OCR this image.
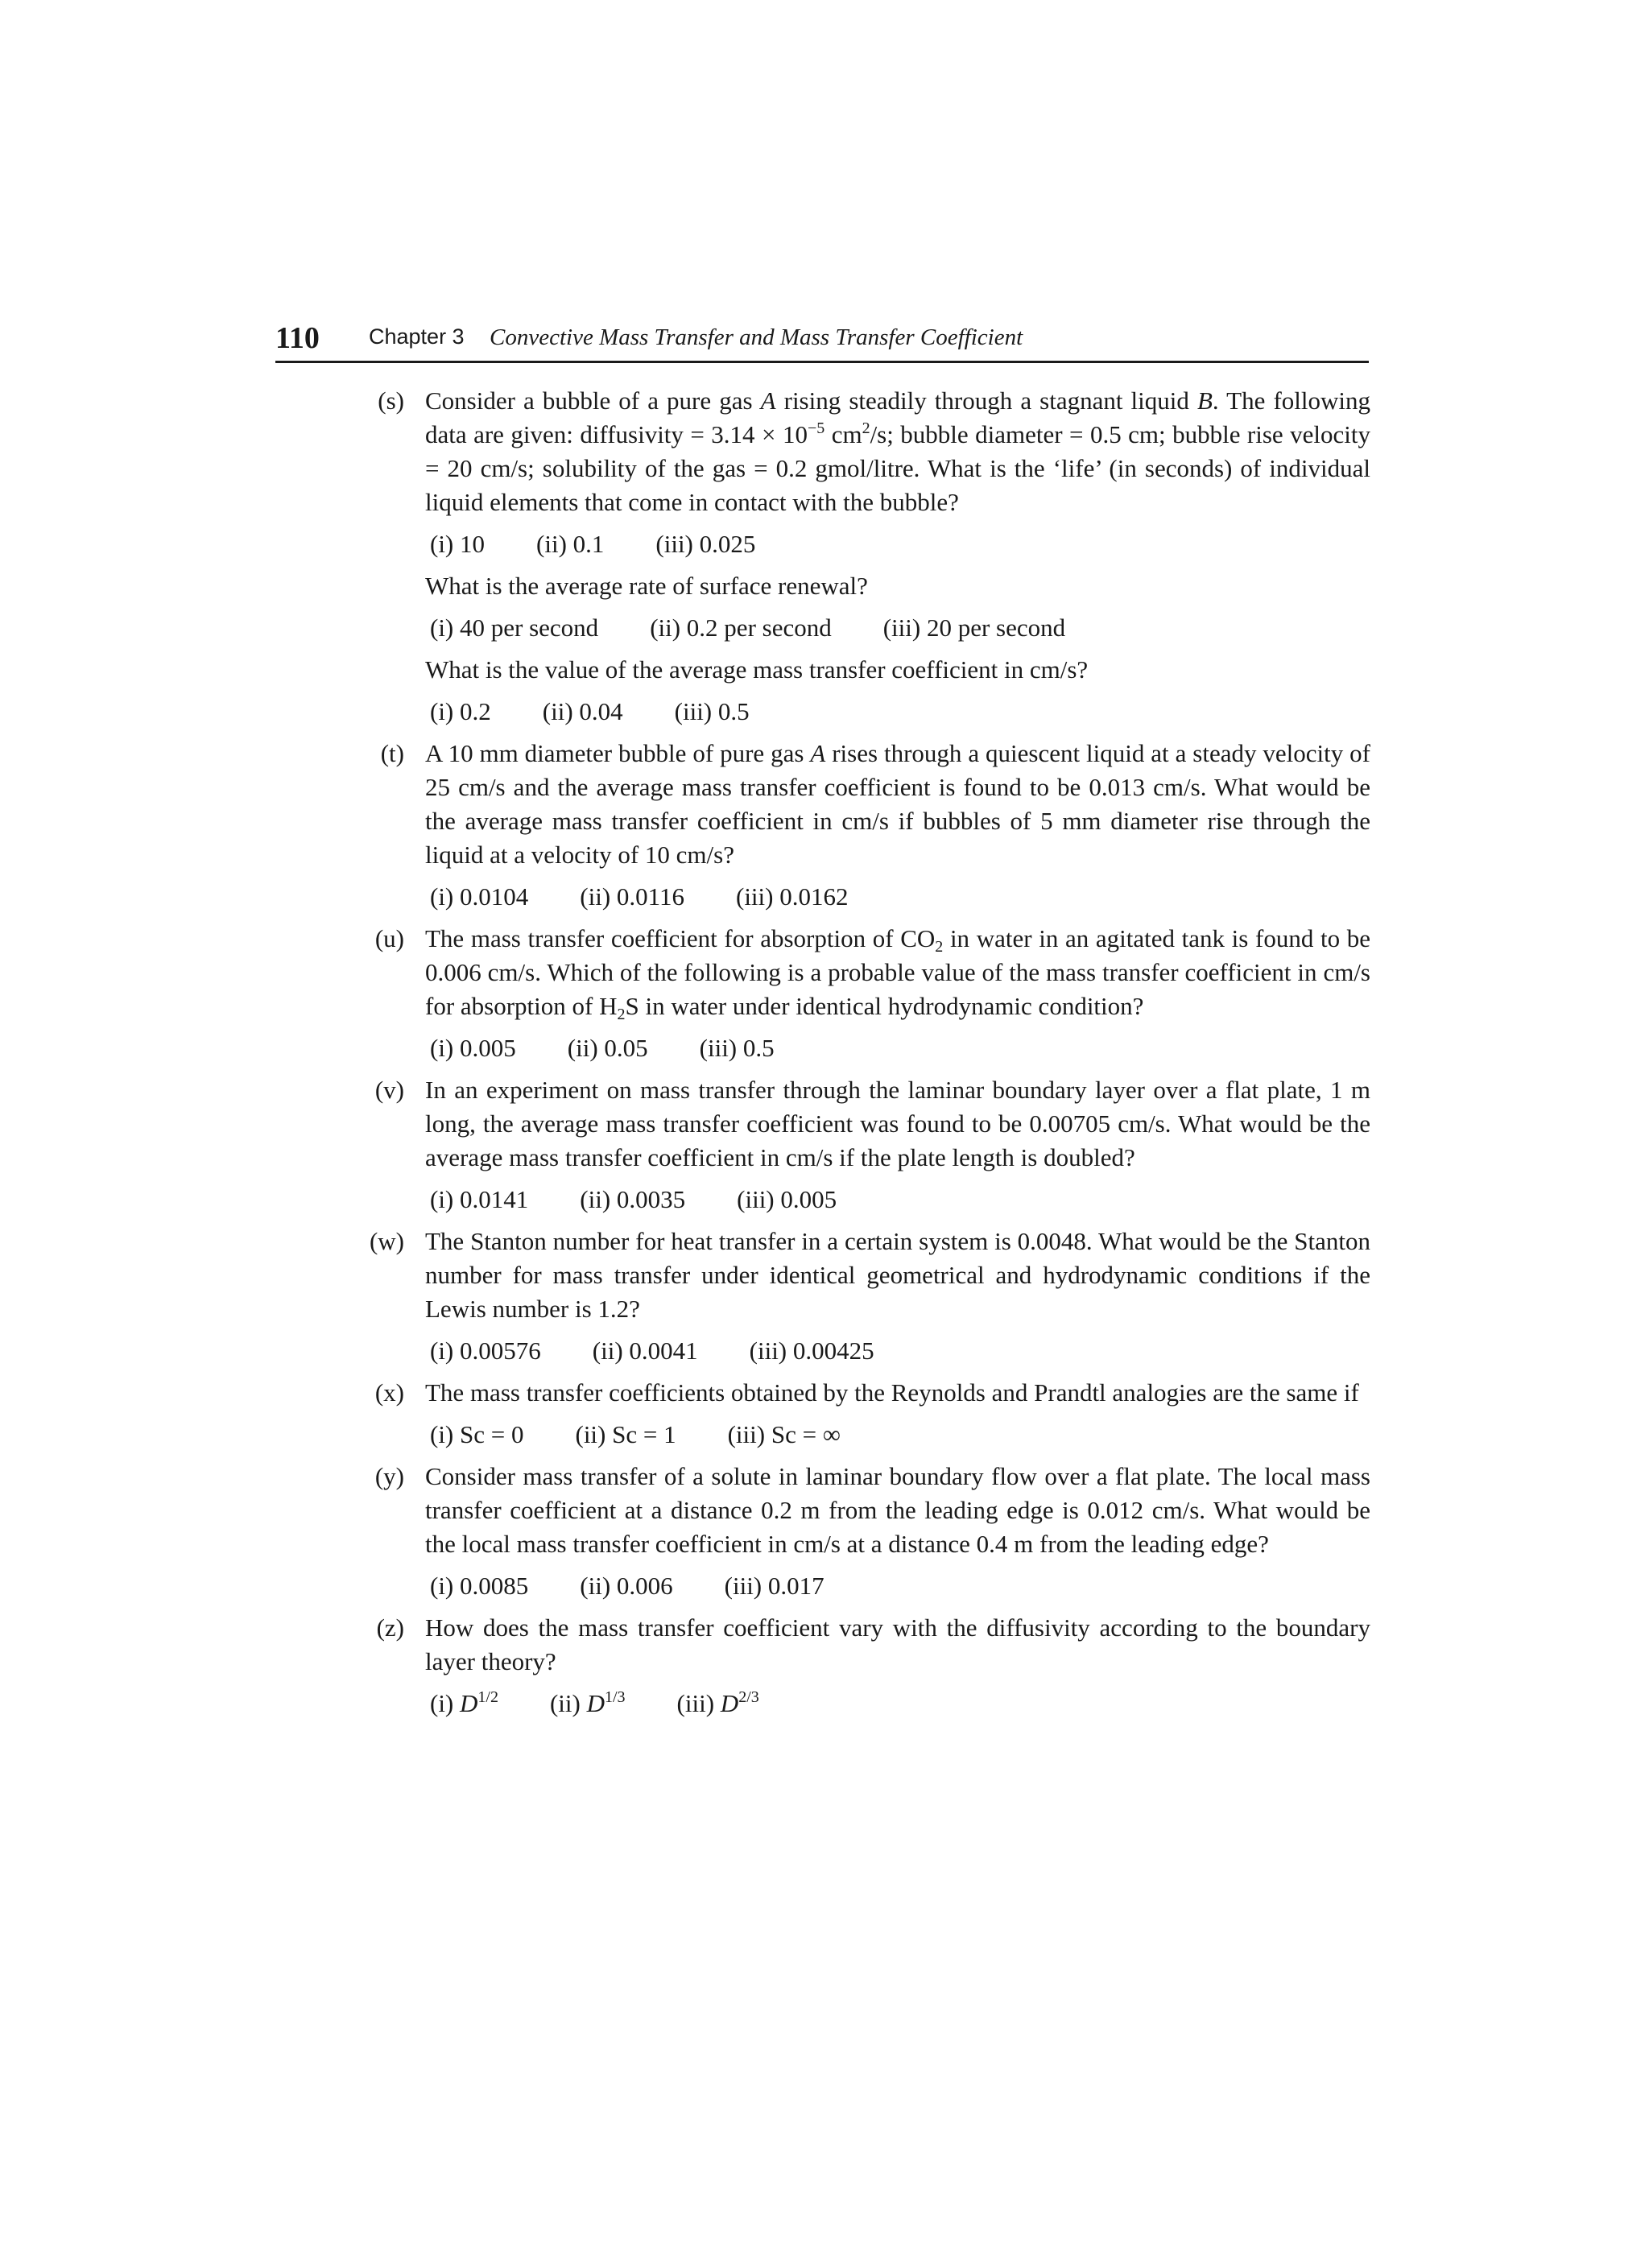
110 Chapter 3 Convective Mass Transfer and Mass Transfer Coefficient
(s) Consider a bubble of a pure gas A rising steadily through a stagnant liquid B. The following data are given: diffusivity = $3.14 \times 10^{-5}$ $cm^2/s$; bubble diameter = 0.5 cm; bubble rise velocity = 20 cm/s; solubility of the gas = 0.2 gmol/litre. What is the ‘life’ (in seconds) of individual liquid elements that come in contact with the bubble?
(i) 10 (ii) 0.1 (iii) 0.025
What is the average rate of surface renewal?
(i) 40 per second (ii) 0.2 per second (iii) 20 per second
What is the value of the average mass transfer coefficient in cm/s?
(i) 0.2 (ii) 0.04 (iii) 0.5
(t) A 10 mm diameter bubble of pure gas A rises through a quiescent liquid at a steady velocity of 25 cm/s and the average mass transfer coefficient is found to be 0.013 cm/s. What would be the average mass transfer coefficient in cm/s if bubbles of 5 mm diameter rise through the liquid at a velocity of 10 cm/s?
(i) 0.0104 (ii) 0.0116 (iii) 0.0162
(u) The mass transfer coefficient for absorption of $CO_2$ in water in an agitated tank is found to be 0.006 cm/s. Which of the following is a probable value of the mass transfer coefficient in cm/s for absorption of $H_2S$ in water under identical hydrodynamic condition?
(i) 0.005 (ii) 0.05 (iii) 0.5
(v) In an experiment on mass transfer through the laminar boundary layer over a flat plate, 1 m long, the average mass transfer coefficient was found to be 0.00705 cm/s. What would be the average mass transfer coefficient in cm/s if the plate length is doubled?
(i) 0.0141 (ii) 0.0035 (iii) 0.005
(w) The Stanton number for heat transfer in a certain system is 0.0048. What would be the Stanton number for mass transfer under identical geometrical and hydrodynamic conditions if the Lewis number is 1.2?
(i) 0.00576 (ii) 0.0041 (iii) 0.00425
(x) The mass transfer coefficients obtained by the Reynolds and Prandtl analogies are the same if
(i) Sc = 0 (ii) Sc = 1 (iii) Sc = ∞
(y) Consider mass transfer of a solute in laminar boundary flow over a flat plate. The local mass transfer coefficient at a distance 0.2 m from the leading edge is 0.012 cm/s. What would be the local mass transfer coefficient in cm/s at a distance 0.4 m from the leading edge?
(i) 0.0085 (ii) 0.006 (iii) 0.017
(z) How does the mass transfer coefficient vary with the diffusivity according to the boundary layer theory?
(i) $D^{1/2}$ (ii) $D^{1/3}$ (iii) $D^{2/3}$
